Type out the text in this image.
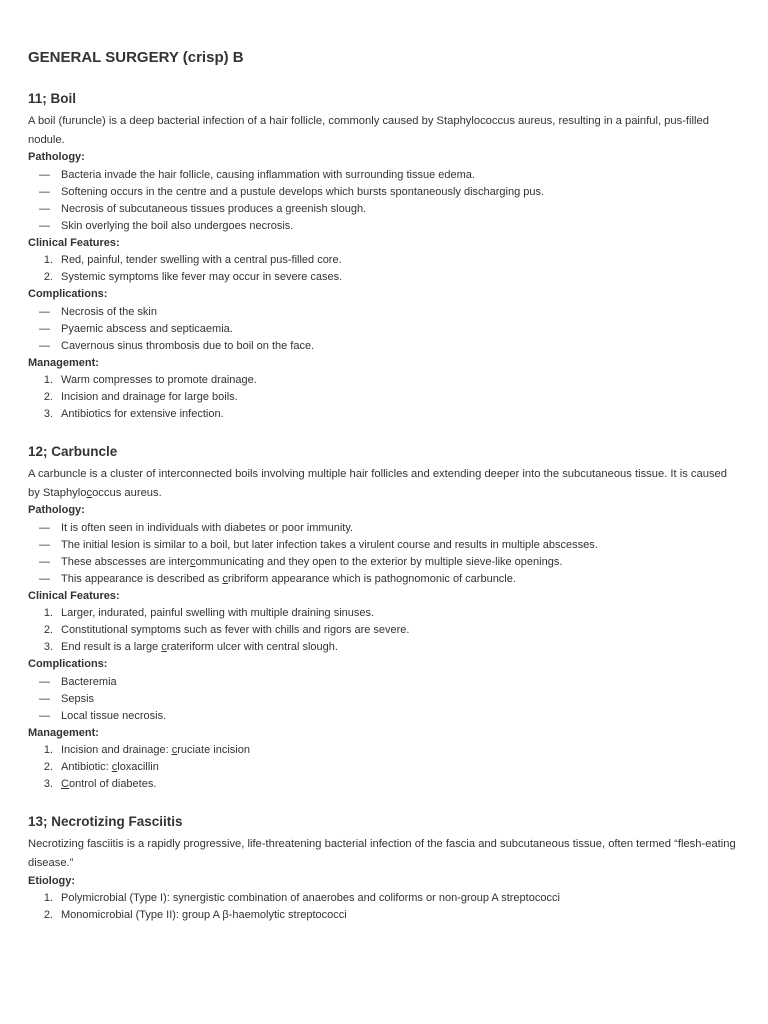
GENERAL SURGERY (crisp) B
11; Boil

A boil (furuncle) is a deep bacterial infection of a hair follicle, commonly caused by Staphylococcus aureus, resulting in a painful, pus-filled nodule.

Pathology:
— Bacteria invade the hair follicle, causing inflammation with surrounding tissue edema.
— Softening occurs in the centre and a pustule develops which bursts spontaneously discharging pus.
— Necrosis of subcutaneous tissues produces a greenish slough.
— Skin overlying the boil also undergoes necrosis.
Clinical Features:
1. Red, painful, tender swelling with a central pus-filled core.
2. Systemic symptoms like fever may occur in severe cases.
Complications:
— Necrosis of the skin
— Pyaemic abscess and septicaemia.
— Cavernous sinus thrombosis due to boil on the face.
Management:
1. Warm compresses to promote drainage.
2. Incision and drainage for large boils.
3. Antibiotics for extensive infection.
12; Carbuncle

A carbuncle is a cluster of interconnected boils involving multiple hair follicles and extending deeper into the subcutaneous tissue. It is caused by Staphylococcus aureus.

Pathology:
— It is often seen in individuals with diabetes or poor immunity.
— The initial lesion is similar to a boil, but later infection takes a virulent course and results in multiple abscesses.
— These abscesses are intercommunicating and they open to the exterior by multiple sieve-like openings.
— This appearance is described as cribriform appearance which is pathognomonic of carbuncle.
Clinical Features:
1. Larger, indurated, painful swelling with multiple draining sinuses.
2. Constitutional symptoms such as fever with chills and rigors are severe.
3. End result is a large crateriform ulcer with central slough.
Complications:
— Bacteremia
— Sepsis
— Local tissue necrosis.
Management:
1. Incision and drainage: cruciate incision
2. Antibiotic: cloxacillin
3. Control of diabetes.
13; Necrotizing Fasciitis

Necrotizing fasciitis is a rapidly progressive, life-threatening bacterial infection of the fascia and subcutaneous tissue, often termed “flesh-eating disease.”

Etiology:
1. Polymicrobial (Type I): synergistic combination of anaerobes and coliforms or non-group A streptococci
2. Monomicrobial (Type II): group A β-haemolytic streptococci
